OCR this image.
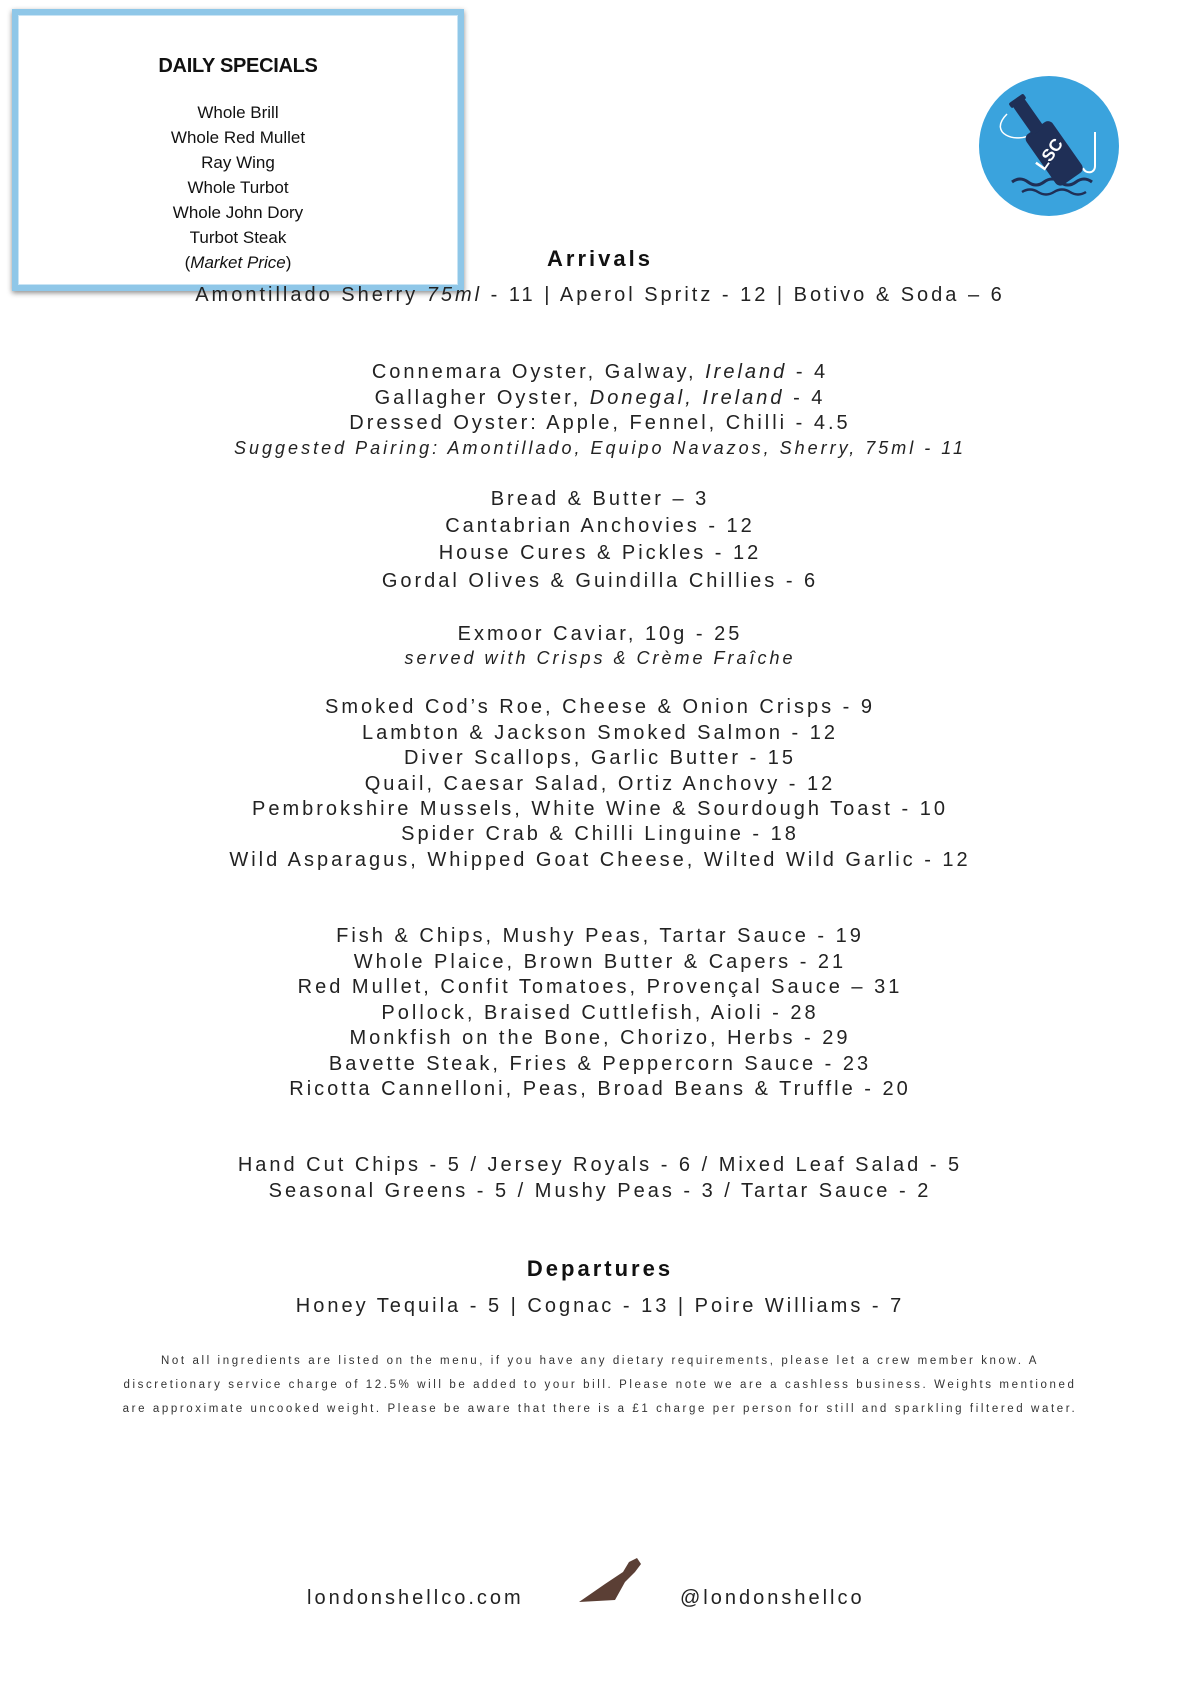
DAILY SPECIALS
Whole Brill
Whole Red Mullet
Ray Wing
Whole Turbot
Whole John Dory
Turbot Steak
(Market Price)
LSC
Arrivals
Amontillado Sherry 75ml - 11 | Aperol Spritz - 12 | Botivo & Soda – 6
Connemara Oyster, Galway, Ireland - 4
Gallagher Oyster, Donegal, Ireland - 4
Dressed Oyster: Apple, Fennel, Chilli - 4.5
Suggested Pairing: Amontillado, Equipo Navazos, Sherry, 75ml - 11
Bread & Butter – 3
Cantabrian Anchovies - 12
House Cures & Pickles - 12
Gordal Olives & Guindilla Chillies - 6
Exmoor Caviar, 10g - 25
served with Crisps & Crème Fraîche
Smoked Cod’s Roe, Cheese & Onion Crisps - 9
Lambton & Jackson Smoked Salmon - 12
Diver Scallops, Garlic Butter - 15
Quail, Caesar Salad, Ortiz Anchovy - 12
Pembrokshire Mussels, White Wine & Sourdough Toast - 10
Spider Crab & Chilli Linguine - 18
Wild Asparagus, Whipped Goat Cheese, Wilted Wild Garlic - 12
Fish & Chips, Mushy Peas, Tartar Sauce - 19
Whole Plaice, Brown Butter & Capers - 21
Red Mullet, Confit Tomatoes, Provençal Sauce – 31
Pollock, Braised Cuttlefish, Aioli - 28
Monkfish on the Bone, Chorizo, Herbs - 29
Bavette Steak, Fries & Peppercorn Sauce - 23
Ricotta Cannelloni, Peas, Broad Beans & Truffle - 20
Hand Cut Chips - 5 / Jersey Royals - 6 / Mixed Leaf Salad - 5
Seasonal Greens - 5 / Mushy Peas - 3 / Tartar Sauce - 2
Departures
Honey Tequila - 5 | Cognac - 13 | Poire Williams - 7
Not all ingredients are listed on the menu, if you have any dietary requirements, please let a crew member know. A
discretionary service charge of 12.5% will be added to your bill. Please note we are a cashless business. Weights mentioned
are approximate uncooked weight. Please be aware that there is a £1 charge per person for still and sparkling filtered water.
londonshellco.com	@londonshellco
